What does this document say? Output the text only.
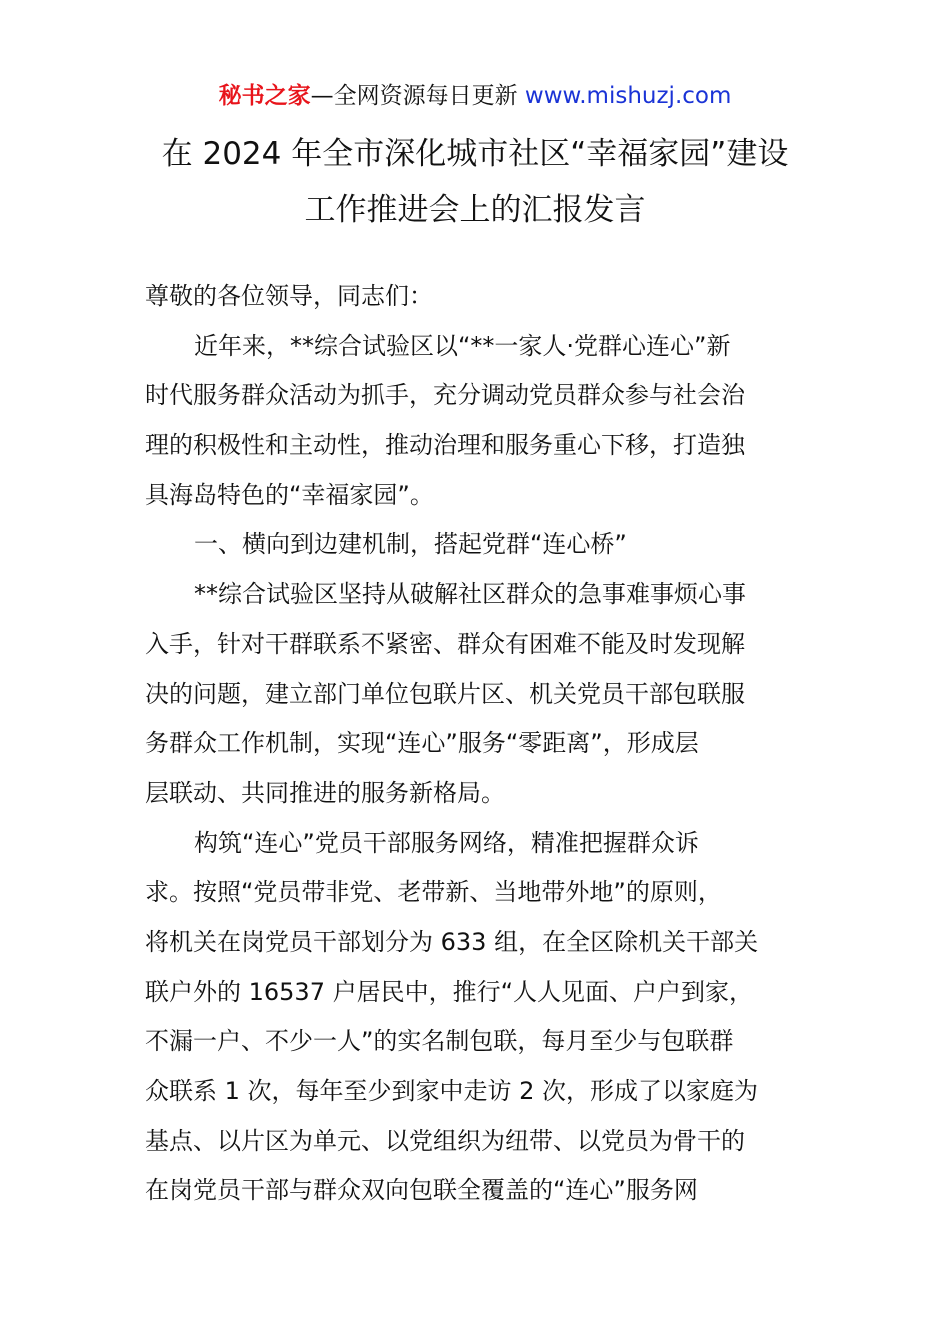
秘书之家—全网资源每日更新 www.mishuzj.com
在 2024 年全市深化城市社区“幸福家园”建设
工作推进会上的汇报发言
尊敬的各位领导，同志们：
近年来，**综合试验区以“**一家人·党群心连心”新
时代服务群众活动为抓手，充分调动党员群众参与社会治
理的积极性和主动性，推动治理和服务重心下移，打造独
具海岛特色的“幸福家园”。
一、横向到边建机制，搭起党群“连心桥”
**综合试验区坚持从破解社区群众的急事难事烦心事
入手，针对干群联系不紧密、群众有困难不能及时发现解
决的问题，建立部门单位包联片区、机关党员干部包联服
务群众工作机制，实现“连心”服务“零距离”，形成层
层联动、共同推进的服务新格局。
构筑“连心”党员干部服务网络，精准把握群众诉
求。按照“党员带非党、老带新、当地带外地”的原则，
将机关在岗党员干部划分为 633 组，在全区除机关干部关
联户外的 16537 户居民中，推行“人人见面、户户到家，
不漏一户、不少一人”的实名制包联，每月至少与包联群
众联系 1 次，每年至少到家中走访 2 次，形成了以家庭为
基点、以片区为单元、以党组织为纽带、以党员为骨干的
在岗党员干部与群众双向包联全覆盖的“连心”服务网
